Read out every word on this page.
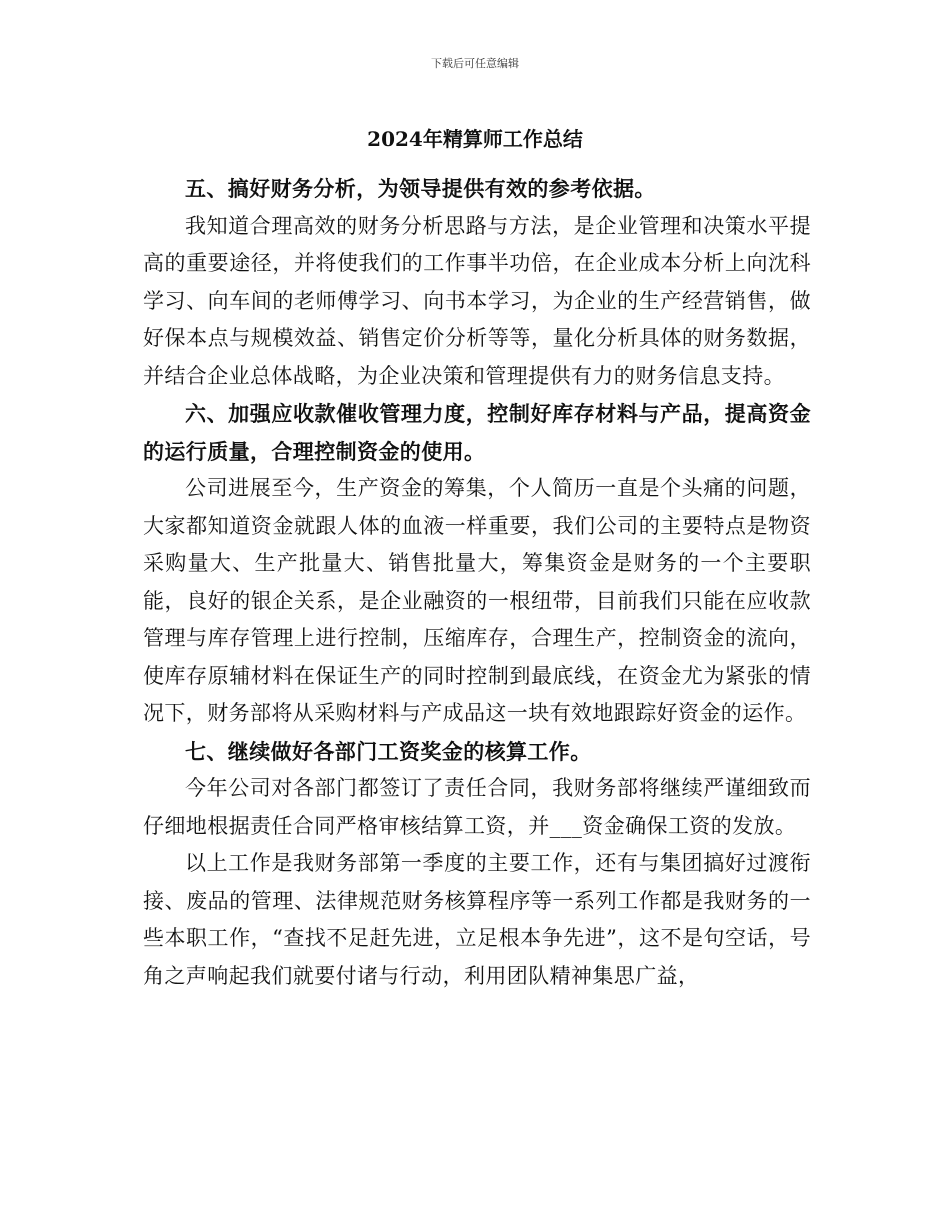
下载后可任意编辑
2024年精算师工作总结

五、搞好财务分析，为领导提供有效的参考依据。

我知道合理高效的财务分析思路与方法，是企业管理和决策水平提高的重要途径，并将使我们的工作事半功倍，在企业成本分析上向沈科学习、向车间的老师傅学习、向书本学习，为企业的生产经营销售，做好保本点与规模效益、销售定价分析等等，量化分析具体的财务数据，并结合企业总体战略，为企业决策和管理提供有力的财务信息支持。

六、加强应收款催收管理力度，控制好库存材料与产品，提高资金的运行质量，合理控制资金的使用。

公司进展至今，生产资金的筹集，个人简历一直是个头痛的问题，大家都知道资金就跟人体的血液一样重要，我们公司的主要特点是物资采购量大、生产批量大、销售批量大，筹集资金是财务的一个主要职能，良好的银企关系，是企业融资的一根纽带，目前我们只能在应收款管理与库存管理上进行控制，压缩库存，合理生产，控制资金的流向，使库存原辅材料在保证生产的同时控制到最底线，在资金尤为紧张的情况下，财务部将从采购材料与产成品这一块有效地跟踪好资金的运作。

七、继续做好各部门工资奖金的核算工作。

今年公司对各部门都签订了责任合同，我财务部将继续严谨细致而仔细地根据责任合同严格审核结算工资，并___资金确保工资的发放。

以上工作是我财务部第一季度的主要工作，还有与集团搞好过渡衔接、废品的管理、法律规范财务核算程序等一系列工作都是我财务的一些本职工作，“查找不足赶先进，立足根本争先进”，这不是句空话，号角之声响起我们就要付诸与行动，利用团队精神集思广益，
